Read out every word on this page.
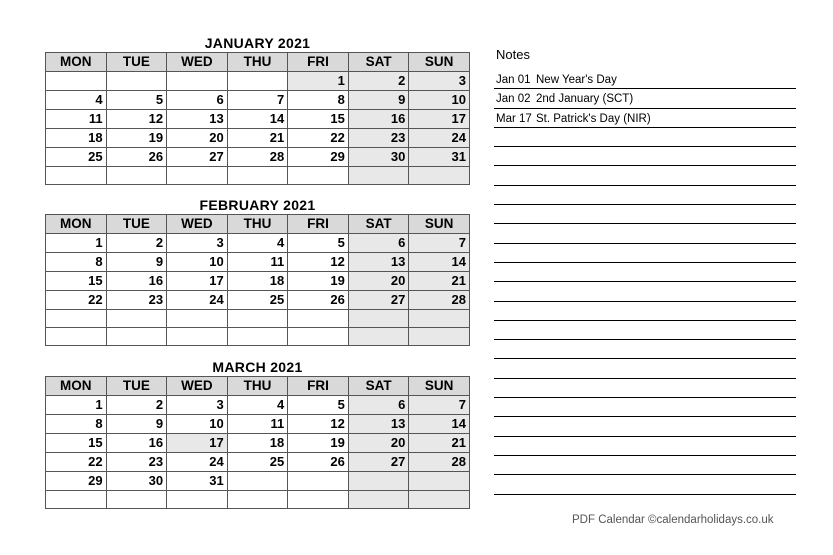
JANUARY 2021
MON	TUE	WED	THU	FRI	SAT	SUN
				1	2	3
4	5	6	7	8	9	10
11	12	13	14	15	16	17
18	19	20	21	22	23	24
25	26	27	28	29	30	31

FEBRUARY 2021
MON	TUE	WED	THU	FRI	SAT	SUN
1	2	3	4	5	6	7
8	9	10	11	12	13	14
15	16	17	18	19	20	21
22	23	24	25	26	27	28

MARCH 2021
MON	TUE	WED	THU	FRI	SAT	SUN
1	2	3	4	5	6	7
8	9	10	11	12	13	14
15	16	17	18	19	20	21
22	23	24	25	26	27	28
29	30	31				

Notes
Jan 01 New Year's Day
Jan 02 2nd January (SCT)
Mar 17 St. Patrick's Day (NIR)
PDF Calendar ©calendarholidays.co.uk
